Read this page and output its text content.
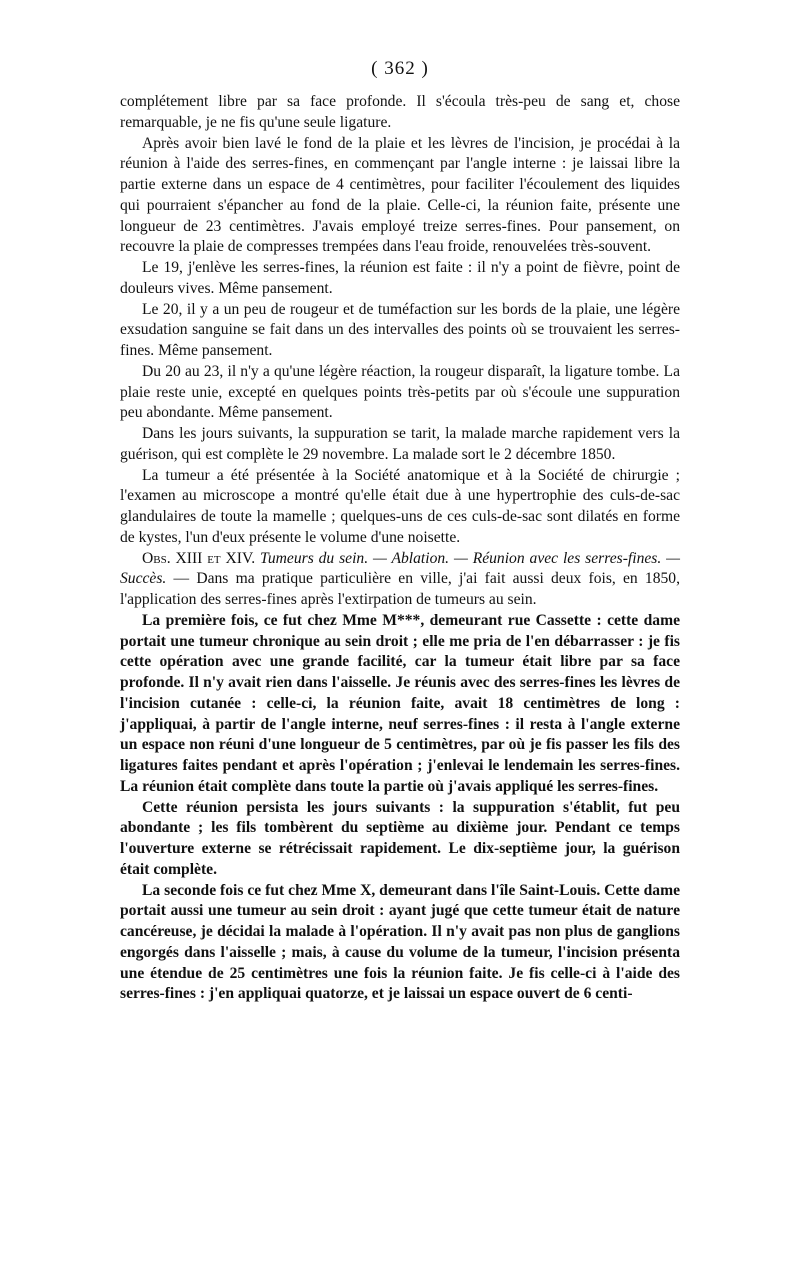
( 362 )

complétement libre par sa face profonde. Il s'écoula très-peu de sang et, chose remarquable, je ne fis qu'une seule ligature.

Après avoir bien lavé le fond de la plaie et les lèvres de l'incision, je procédai à la réunion à l'aide des serres-fines, en commençant par l'angle interne : je laissai libre la partie externe dans un espace de 4 centimètres, pour faciliter l'écoulement des liquides qui pourraient s'épancher au fond de la plaie. Celle-ci, la réunion faite, présente une longueur de 23 centimètres. J'avais employé treize serres-fines. Pour pansement, on recouvre la plaie de compresses trempées dans l'eau froide, renouvelées très-souvent.

Le 19, j'enlève les serres-fines, la réunion est faite : il n'y a point de fièvre, point de douleurs vives. Même pansement.

Le 20, il y a un peu de rougeur et de tuméfaction sur les bords de la plaie, une légère exsudation sanguine se fait dans un des intervalles des points où se trouvaient les serres-fines. Même pansement.

Du 20 au 23, il n'y a qu'une légère réaction, la rougeur disparaît, la ligature tombe. La plaie reste unie, excepté en quelques points très-petits par où s'écoule une suppuration peu abondante. Même pansement.

Dans les jours suivants, la suppuration se tarit, la malade marche rapidement vers la guérison, qui est complète le 29 novembre. La malade sort le 2 décembre 1850.

La tumeur a été présentée à la Société anatomique et à la Société de chirurgie ; l'examen au microscope a montré qu'elle était due à une hypertrophie des culs-de-sac glandulaires de toute la mamelle ; quelques-uns de ces culs-de-sac sont dilatés en forme de kystes, l'un d'eux présente le volume d'une noisette.

Obs. XIII et XIV. Tumeurs du sein. — Ablation. — Réunion avec les serres-fines. — Succès. — Dans ma pratique particulière en ville, j'ai fait aussi deux fois, en 1850, l'application des serres-fines après l'extirpation de tumeurs au sein.

La première fois, ce fut chez Mme M***, demeurant rue Cassette : cette dame portait une tumeur chronique au sein droit ; elle me pria de l'en débarrasser : je fis cette opération avec une grande facilité, car la tumeur était libre par sa face profonde. Il n'y avait rien dans l'aisselle. Je réunis avec des serres-fines les lèvres de l'incision cutanée : celle-ci, la réunion faite, avait 18 centimètres de long : j'appliquai, à partir de l'angle interne, neuf serres-fines : il resta à l'angle externe un espace non réuni d'une longueur de 5 centimètres, par où je fis passer les fils des ligatures faites pendant et après l'opération ; j'enlevai le lendemain les serres-fines. La réunion était complète dans toute la partie où j'avais appliqué les serres-fines.

Cette réunion persista les jours suivants : la suppuration s'établit, fut peu abondante ; les fils tombèrent du septième au dixième jour. Pendant ce temps l'ouverture externe se rétrécissait rapidement. Le dix-septième jour, la guérison était complète.

La seconde fois ce fut chez Mme X, demeurant dans l'île Saint-Louis. Cette dame portait aussi une tumeur au sein droit : ayant jugé que cette tumeur était de nature cancéreuse, je décidai la malade à l'opération. Il n'y avait pas non plus de ganglions engorgés dans l'aisselle ; mais, à cause du volume de la tumeur, l'incision présenta une étendue de 25 centimètres une fois la réunion faite. Je fis celle-ci à l'aide des serres-fines : j'en appliquai quatorze, et je laissai un espace ouvert de 6 centi-
